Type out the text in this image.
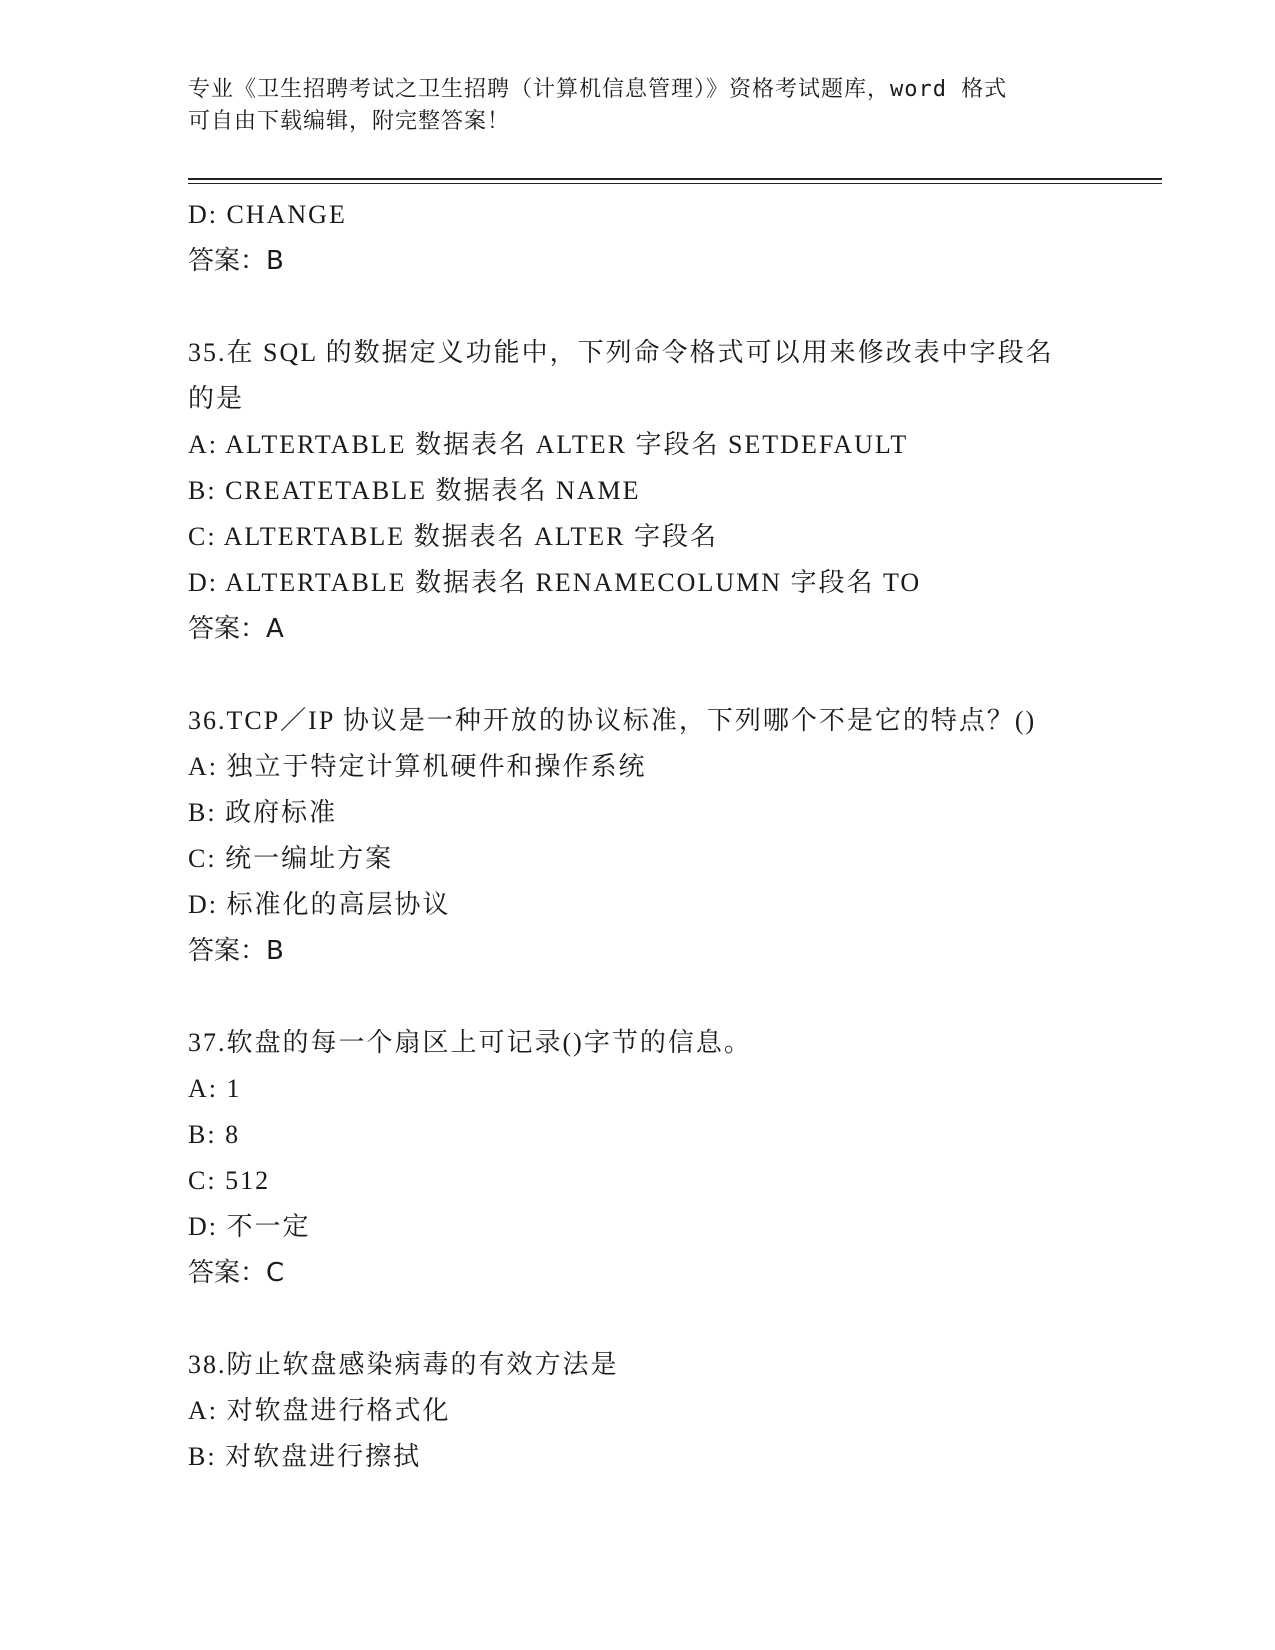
专业《卫生招聘考试之卫生招聘（计算机信息管理）》资格考试题库，word 格式
可自由下载编辑，附完整答案！
D: CHANGE
答案：B
35.在 SQL 的数据定义功能中，下列命令格式可以用来修改表中字段名
的是
A: ALTERTABLE 数据表名 ALTER 字段名 SETDEFAULT
B: CREATETABLE 数据表名 NAME
C: ALTERTABLE 数据表名 ALTER 字段名
D: ALTERTABLE 数据表名 RENAMECOLUMN 字段名 TO
答案：A
36.TCP／IP 协议是一种开放的协议标准，下列哪个不是它的特点？()
A: 独立于特定计算机硬件和操作系统
B: 政府标准
C: 统一编址方案
D: 标准化的高层协议
答案：B
37.软盘的每一个扇区上可记录()字节的信息。
A: 1
B: 8
C: 512
D: 不一定
答案：C
38.防止软盘感染病毒的有效方法是
A: 对软盘进行格式化
B: 对软盘进行擦拭
